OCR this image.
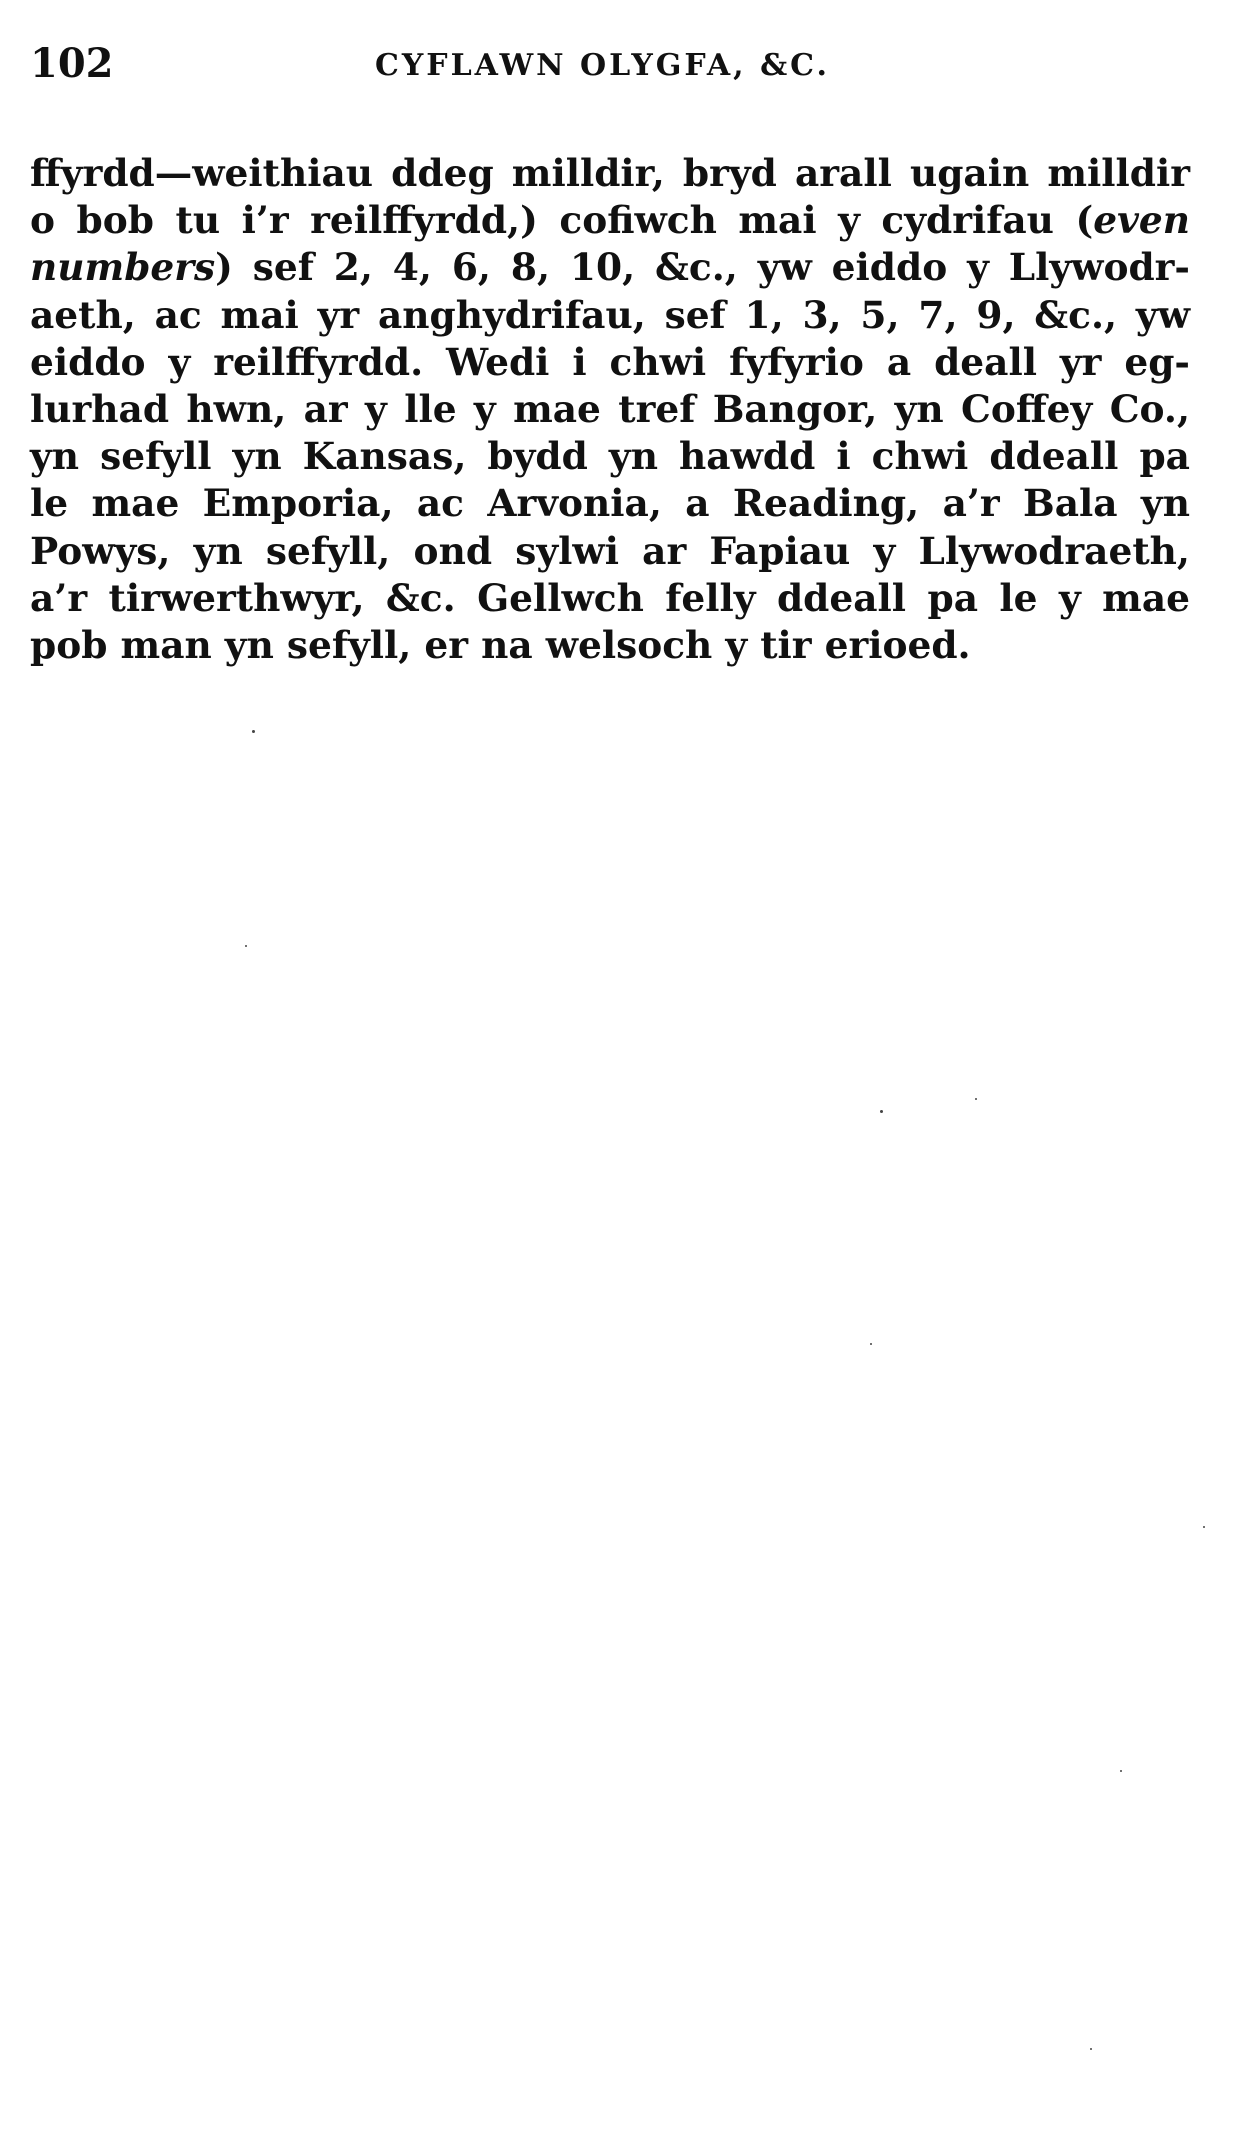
102	CYFLAWN OLYGFA, &C.
ffyrdd—weithiau ddeg milldir, bryd arall ugain milldir
o bob tu i’r reilffyrdd,) cofiwch mai y cydrifau (even
numbers) sef 2, 4, 6, 8, 10, &c., yw eiddo y Llywodr-
aeth, ac mai yr anghydrifau, sef 1, 3, 5, 7, 9, &c., yw
eiddo y reilffyrdd. Wedi i chwi fyfyrio a deall yr eg-
lurhad hwn, ar y lle y mae tref Bangor, yn Coffey Co.,
yn sefyll yn Kansas, bydd yn hawdd i chwi ddeall pa
le mae Emporia, ac Arvonia, a Reading, a’r Bala yn
Powys, yn sefyll, ond sylwi ar Fapiau y Llywodraeth,
a’r tirwerthwyr, &c. Gellwch felly ddeall pa le y mae
pob man yn sefyll, er na welsoch y tir erioed.
